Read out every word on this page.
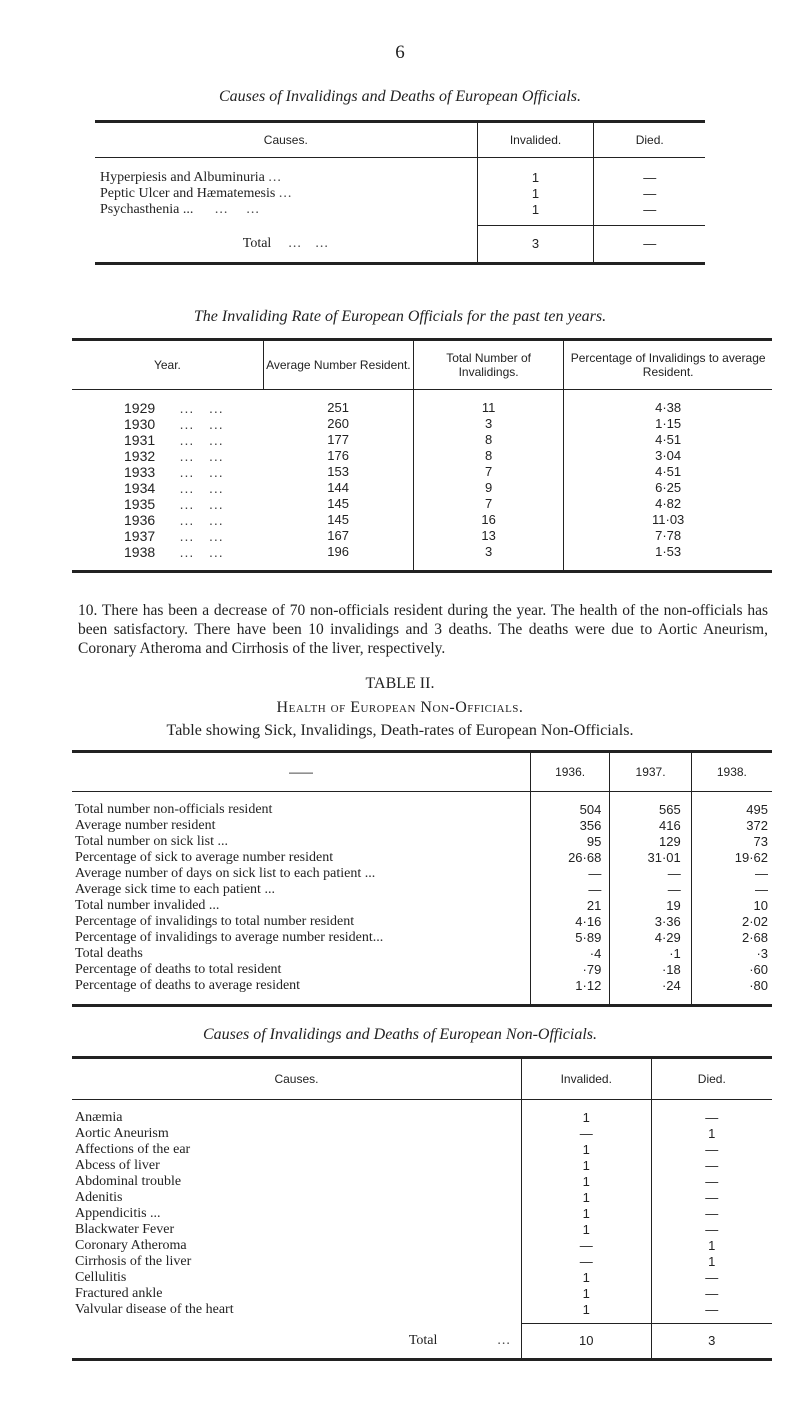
6
Causes of Invalidings and Deaths of European Officials.
Causes.	Invalided.	Died.

Hyperpiesis and Albuminuria ...	1	—
Peptic Ulcer and Hæmatemesis ...	1	—
Psychasthenia ...     ...    ...	1	—

Total    ...   ...	3	—
The Invaliding Rate of European Officials for the past ten years.
Year.	Average Number Resident.	Total Number of Invalidings.	Percentage of Invalidings to average Resident.

1929     ...   ...	251	11	4·38
1930     ...   ...	260	3	1·15
1931     ...   ...	177	8	4·51
1932     ...   ...	176	8	3·04
1933     ...   ...	153	7	4·51
1934     ...   ...	144	9	6·25
1935     ...   ...	145	7	4·82
1936     ...   ...	145	16	11·03
1937     ...   ...	167	13	7·78
1938     ...   ...	196	3	1·53

10. There has been a decrease of 70 non-officials resident during the year. The health of the non-officials has been satisfactory. There have been 10 invalidings and 3 deaths. The deaths were due to Aortic Aneurism, Coronary Atheroma and Cirrhosis of the liver, respectively.
TABLE II.
Health of European Non-Officials.
Table showing Sick, Invalidings, Death-rates of European Non-Officials.
——	1936.	1937.	1938.

Total number non-officials resident	504	565	495
Average number resident	356	416	372
Total number on sick list ...	95	129	73
Percentage of sick to average number resident	26·68	31·01	19·62
Average number of days on sick list to each patient ...	—	—	—
Average sick time to each patient ...	—	—	—
Total number invalided ...	21	19	10
Percentage of invalidings to total number resident	4·16	3·36	2·02
Percentage of invalidings to average number resident...	5·89	4·29	2·68
Total deaths	·4	·1	·3
Percentage of deaths to total resident	·79	·18	·60
Percentage of deaths to average resident	1·12	·24	·80

Causes of Invalidings and Deaths of European Non-Officials.
Causes.	Invalided.	Died.

Anæmia	1	—
Aortic Aneurism	—	1
Affections of the ear	1	—
Abcess of liver	1	—
Abdominal trouble	1	—
Adenitis	1	—
Appendicitis ...	1	—
Blackwater Fever	1	—
Coronary Atheroma	—	1
Cirrhosis of the liver	—	1
Cellulitis	1	—
Fractured ankle	1	—
Valvular disease of the heart	1	—

Total ...	10	3
